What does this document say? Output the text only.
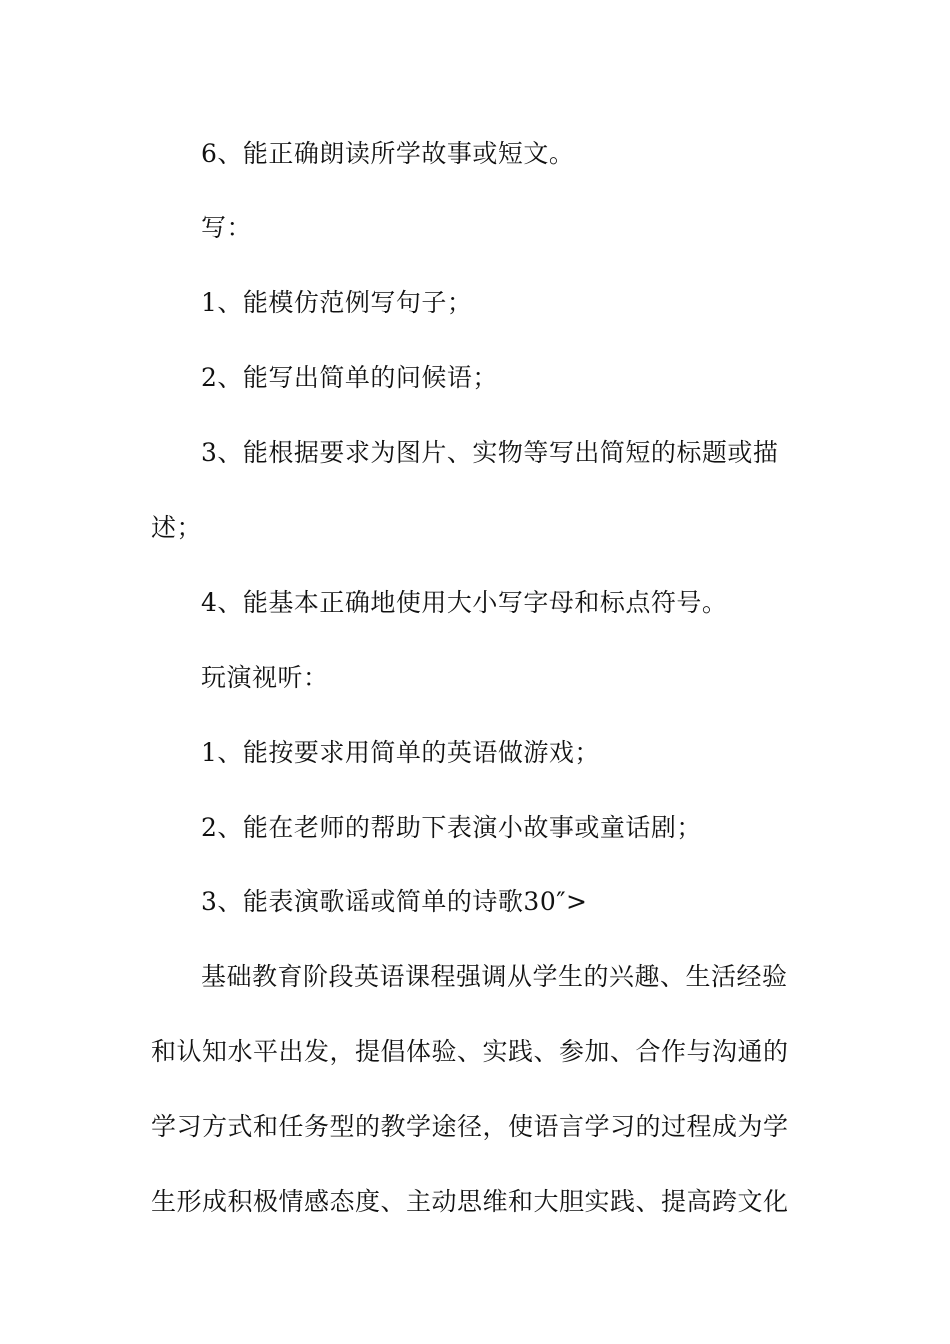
6、能正确朗读所学故事或短文。
写：
1、能模仿范例写句子；
2、能写出简单的问候语；
3、能根据要求为图片、实物等写出简短的标题或描
述；
4、能基本正确地使用大小写字母和标点符号。
玩演视听：
1、能按要求用简单的英语做游戏；
2、能在老师的帮助下表演小故事或童话剧；
3、能表演歌谣或简单的诗歌30″>
基础教育阶段英语课程强调从学生的兴趣、生活经验
和认知水平出发，提倡体验、实践、参加、合作与沟通的
学习方式和任务型的教学途径，使语言学习的过程成为学
生形成积极情感态度、主动思维和大胆实践、提高跨文化
